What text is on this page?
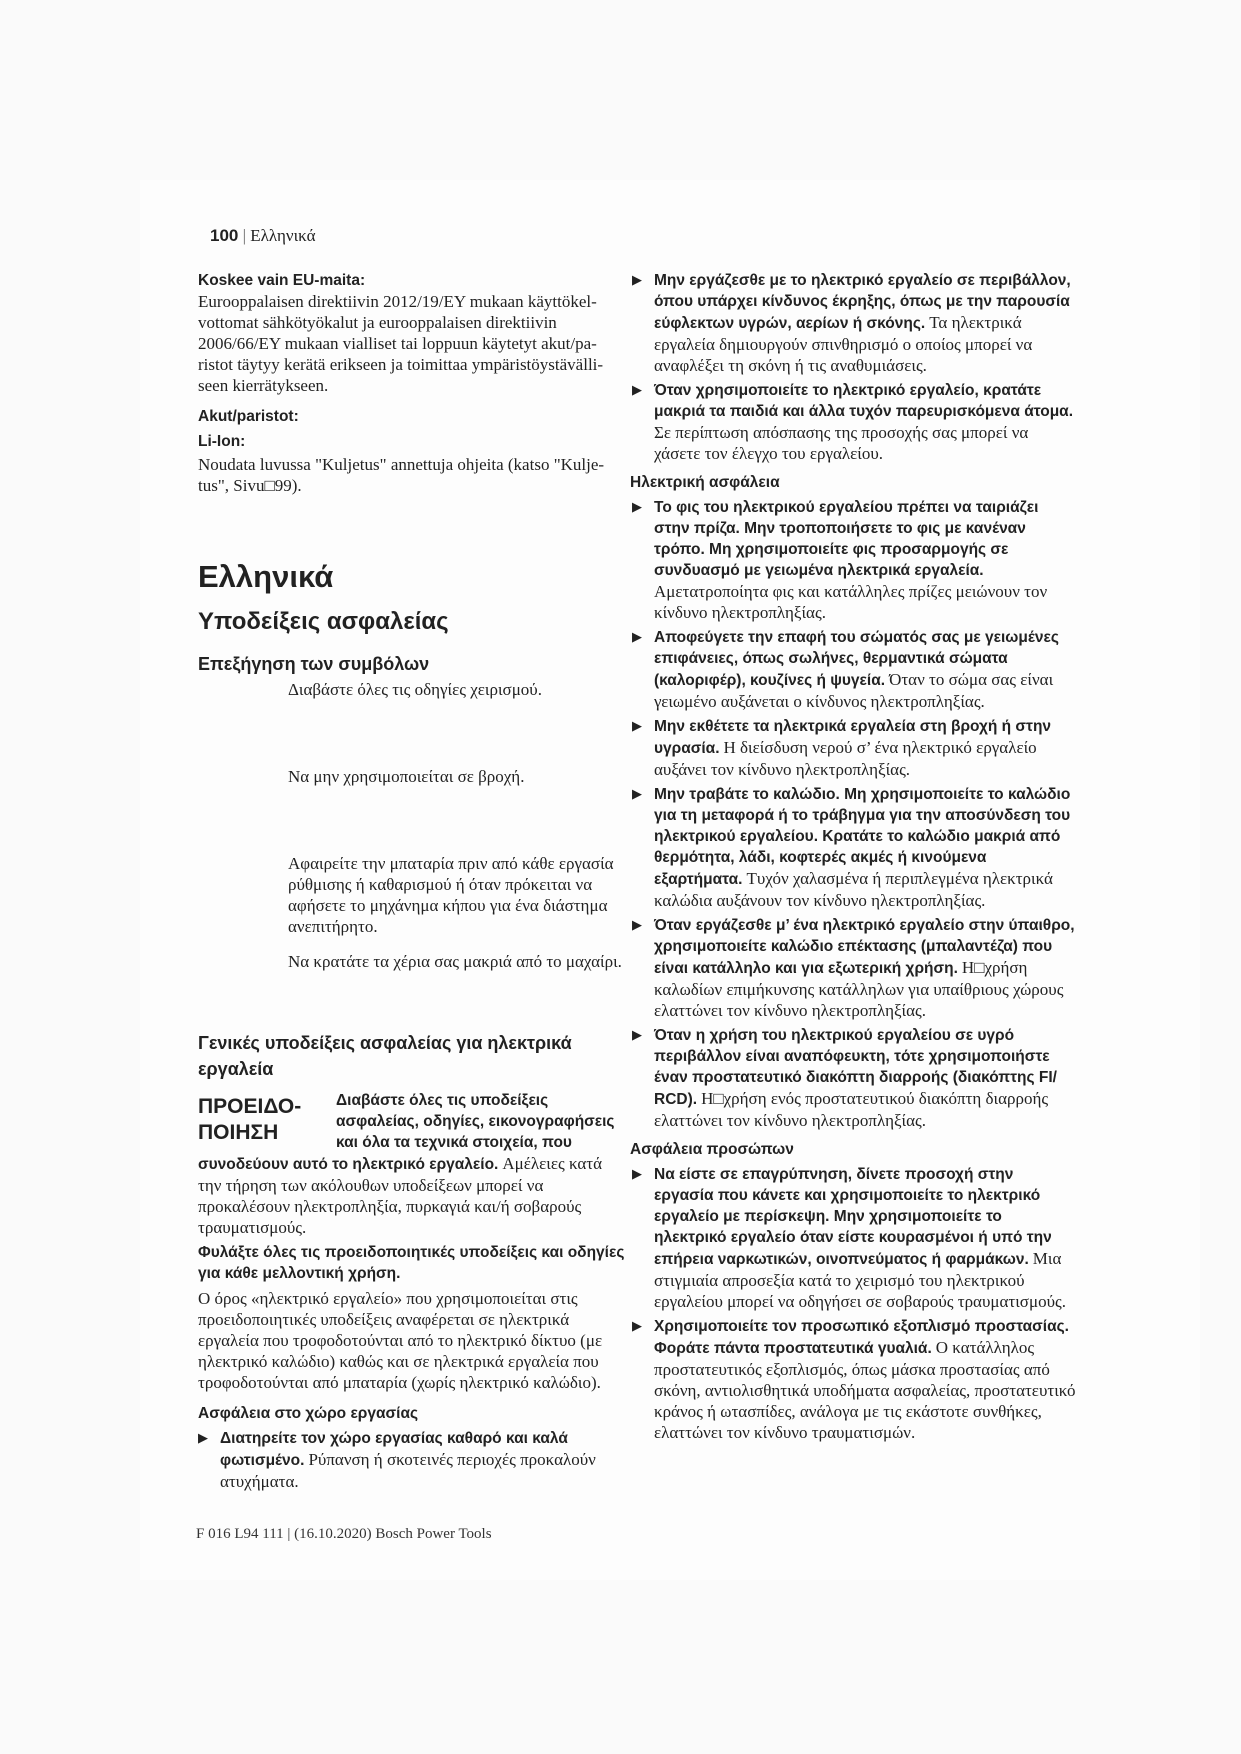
100 | Ελληνικά

Koskee vain EU-maita:

Eurooppalaisen direktiivin 2012/19/EY mukaan käyttökel-vottomat sähkötyökalut ja eurooppalaisen direktiivin 2006/66/EY mukaan vialliset tai loppuun käytetyt akut/pa-ristot täytyy kerätä erikseen ja toimittaa ympäristöystävälli-seen kierrätykseen.

Akut/paristot:

Li-Ion:

Noudata luvussa "Kuljetus" annettuja ohjeita (katso "Kulje-tus", Sivu□99).

Ελληνικά

Υποδείξεις ασφαλείας

Επεξήγηση των συμβόλων

Διαβάστε όλες τις οδηγίες χειρισμού.

Να μην χρησιμοποιείται σε βροχή.

Αφαιρείτε την μπαταρία πριν από κάθε εργασία ρύθμισης ή καθαρισμού ή όταν πρόκειται να αφήσετε το μηχάνημα κήπου για ένα διάστημα ανεπιτήρητο.

Να κρατάτε τα χέρια σας μακριά από το μαχαίρι.

Γενικές υποδείξεις ασφαλείας για ηλεκτρικά εργαλεία

ΠΡΟΕΙΔΟ-ΠΟΙΗΣΗ
Διαβάστε όλες τις υποδείξεις ασφαλείας, οδηγίες, εικονογραφήσεις και όλα τα τεχνικά στοιχεία, που συνοδεύουν αυτό το ηλεκτρικό εργαλείο. Αμέλειες κατά την τήρηση των ακόλουθων υποδείξεων μπορεί να προκαλέσουν ηλεκτροπληξία, πυρκαγιά και/ή σοβαρούς τραυματισμούς.

Φυλάξτε όλες τις προειδοποιητικές υποδείξεις και οδηγίες για κάθε μελλοντική χρήση.

Ο όρος «ηλεκτρικό εργαλείο» που χρησιμοποιείται στις προειδοποιητικές υποδείξεις αναφέρεται σε ηλεκτρικά εργαλεία που τροφοδοτούνται από το ηλεκτρικό δίκτυο (με ηλεκτρικό καλώδιο) καθώς και σε ηλεκτρικά εργαλεία που τροφοδοτούνται από μπαταρία (χωρίς ηλεκτρικό καλώδιο).

Ασφάλεια στο χώρο εργασίας

▶ Διατηρείτε τον χώρο εργασίας καθαρό και καλά φωτισμένο. Ρύπανση ή σκοτεινές περιοχές προκαλούν ατυχήματα.
▶ Μην εργάζεσθε με το ηλεκτρικό εργαλείο σε περιβάλλον, όπου υπάρχει κίνδυνος έκρηξης, όπως με την παρουσία εύφλεκτων υγρών, αερίων ή σκόνης. Τα ηλεκτρικά εργαλεία δημιουργούν σπινθηρισμό ο οποίος μπορεί να αναφλέξει τη σκόνη ή τις αναθυμιάσεις.
▶ Όταν χρησιμοποιείτε το ηλεκτρικό εργαλείο, κρατάτε μακριά τα παιδιά και άλλα τυχόν παρευρισκόμενα άτομα. Σε περίπτωση απόσπασης της προσοχής σας μπορεί να χάσετε τον έλεγχο του εργαλείου.

Ηλεκτρική ασφάλεια

▶ Το φις του ηλεκτρικού εργαλείου πρέπει να ταιριάζει στην πρίζα. Μην τροποποιήσετε το φις με κανέναν τρόπο. Μη χρησιμοποιείτε φις προσαρμογής σε συνδυασμό με γειωμένα ηλεκτρικά εργαλεία. Αμετατροποίητα φις και κατάλληλες πρίζες μειώνουν τον κίνδυνο ηλεκτροπληξίας.
▶ Αποφεύγετε την επαφή του σώματός σας με γειωμένες επιφάνειες, όπως σωλήνες, θερμαντικά σώματα (καλοριφέρ), κουζίνες ή ψυγεία. Όταν το σώμα σας είναι γειωμένο αυξάνεται ο κίνδυνος ηλεκτροπληξίας.
▶ Μην εκθέτετε τα ηλεκτρικά εργαλεία στη βροχή ή στην υγρασία. Η διείσδυση νερού σ’ ένα ηλεκτρικό εργαλείο αυξάνει τον κίνδυνο ηλεκτροπληξίας.
▶ Μην τραβάτε το καλώδιο. Μη χρησιμοποιείτε το καλώδιο για τη μεταφορά ή το τράβηγμα για την αποσύνδεση του ηλεκτρικού εργαλείου. Κρατάτε το καλώδιο μακριά από θερμότητα, λάδι, κοφτερές ακμές ή κινούμενα εξαρτήματα. Τυχόν χαλασμένα ή περιπλεγμένα ηλεκτρικά καλώδια αυξάνουν τον κίνδυνο ηλεκτροπληξίας.
▶ Όταν εργάζεσθε μ’ ένα ηλεκτρικό εργαλείο στην ύπαιθρο, χρησιμοποιείτε καλώδιο επέκτασης (μπαλαντέζα) που είναι κατάλληλο και για εξωτερική χρήση. Η□χρήση καλωδίων επιμήκυνσης κατάλληλων για υπαίθριους χώρους ελαττώνει τον κίνδυνο ηλεκτροπληξίας.
▶ Όταν η χρήση του ηλεκτρικού εργαλείου σε υγρό περιβάλλον είναι αναπόφευκτη, τότε χρησιμοποιήστε έναν προστατευτικό διακόπτη διαρροής (διακόπτης FI/ RCD). Η□χρήση ενός προστατευτικού διακόπτη διαρροής ελαττώνει τον κίνδυνο ηλεκτροπληξίας.

Ασφάλεια προσώπων

▶ Να είστε σε επαγρύπνηση, δίνετε προσοχή στην εργασία που κάνετε και χρησιμοποιείτε το ηλεκτρικό εργαλείο με περίσκεψη. Μην χρησιμοποιείτε το ηλεκτρικό εργαλείο όταν είστε κουρασμένοι ή υπό την επήρεια ναρκωτικών, οινοπνεύματος ή φαρμάκων. Μια στιγμιαία απροσεξία κατά το χειρισμό του ηλεκτρικού εργαλείου μπορεί να οδηγήσει σε σοβαρούς τραυματισμούς.
▶ Χρησιμοποιείτε τον προσωπικό εξοπλισμό προστασίας. Φοράτε πάντα προστατευτικά γυαλιά. Ο κατάλληλος προστατευτικός εξοπλισμός, όπως μάσκα προστασίας από σκόνη, αντιολισθητικά υποδήματα ασφαλείας, προστατευτικό κράνος ή ωτασπίδες, ανάλογα με τις εκάστοτε συνθήκες, ελαττώνει τον κίνδυνο τραυματισμών.
F 016 L94 111 | (16.10.2020) Bosch Power Tools
